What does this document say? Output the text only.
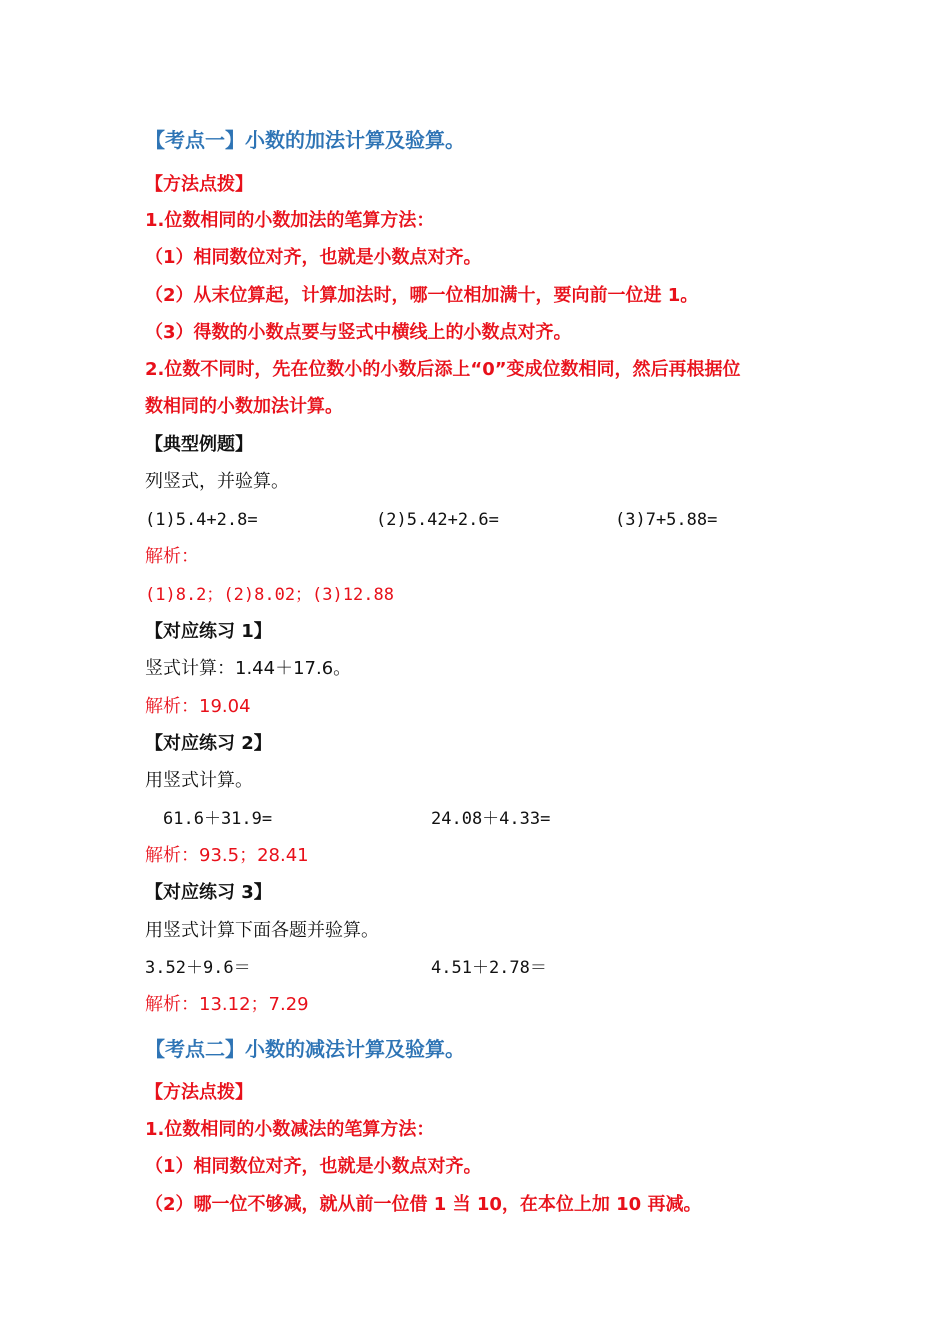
【考点一】小数的加法计算及验算。
【方法点拨】
1.位数相同的小数加法的笔算方法：
（1）相同数位对齐，也就是小数点对齐。
（2）从末位算起，计算加法时，哪一位相加满十，要向前一位进 1。
（3）得数的小数点要与竖式中横线上的小数点对齐。
2.位数不同时，先在位数小的小数后添上“0”变成位数相同，然后再根据位
数相同的小数加法计算。
【典型例题】
列竖式，并验算。
(1)5.4+2.8=	(2)5.42+2.6=	(3)7+5.88=
解析：
(1)8.2；(2)8.02；(3)12.88
【对应练习 1】
竖式计算：1.44＋17.6。
解析：19.04
【对应练习 2】
用竖式计算。
61.6＋31.9=	24.08＋4.33=
解析：93.5；28.41
【对应练习 3】
用竖式计算下面各题并验算。
3.52＋9.6＝	4.51＋2.78＝
解析：13.12；7.29
【考点二】小数的减法计算及验算。
【方法点拨】
1.位数相同的小数减法的笔算方法：
（1）相同数位对齐，也就是小数点对齐。
（2）哪一位不够减，就从前一位借 1 当 10，在本位上加 10 再减。
